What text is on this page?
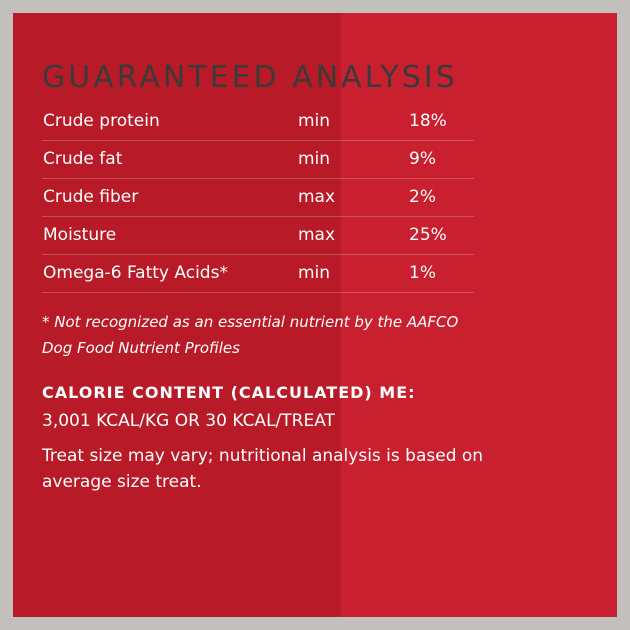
GUARANTEED ANALYSIS
Crude protein	min	18%
Crude fat	min	9%
Crude fiber	max	2%
Moisture	max	25%
Omega-6 Fatty Acids*	min	1%
* Not recognized as an essential nutrient by the AAFCO Dog Food Nutrient Profiles
CALORIE CONTENT (CALCULATED) ME:
3,001 KCAL/KG OR 30 KCAL/TREAT
Treat size may vary; nutritional analysis is based on average size treat.
